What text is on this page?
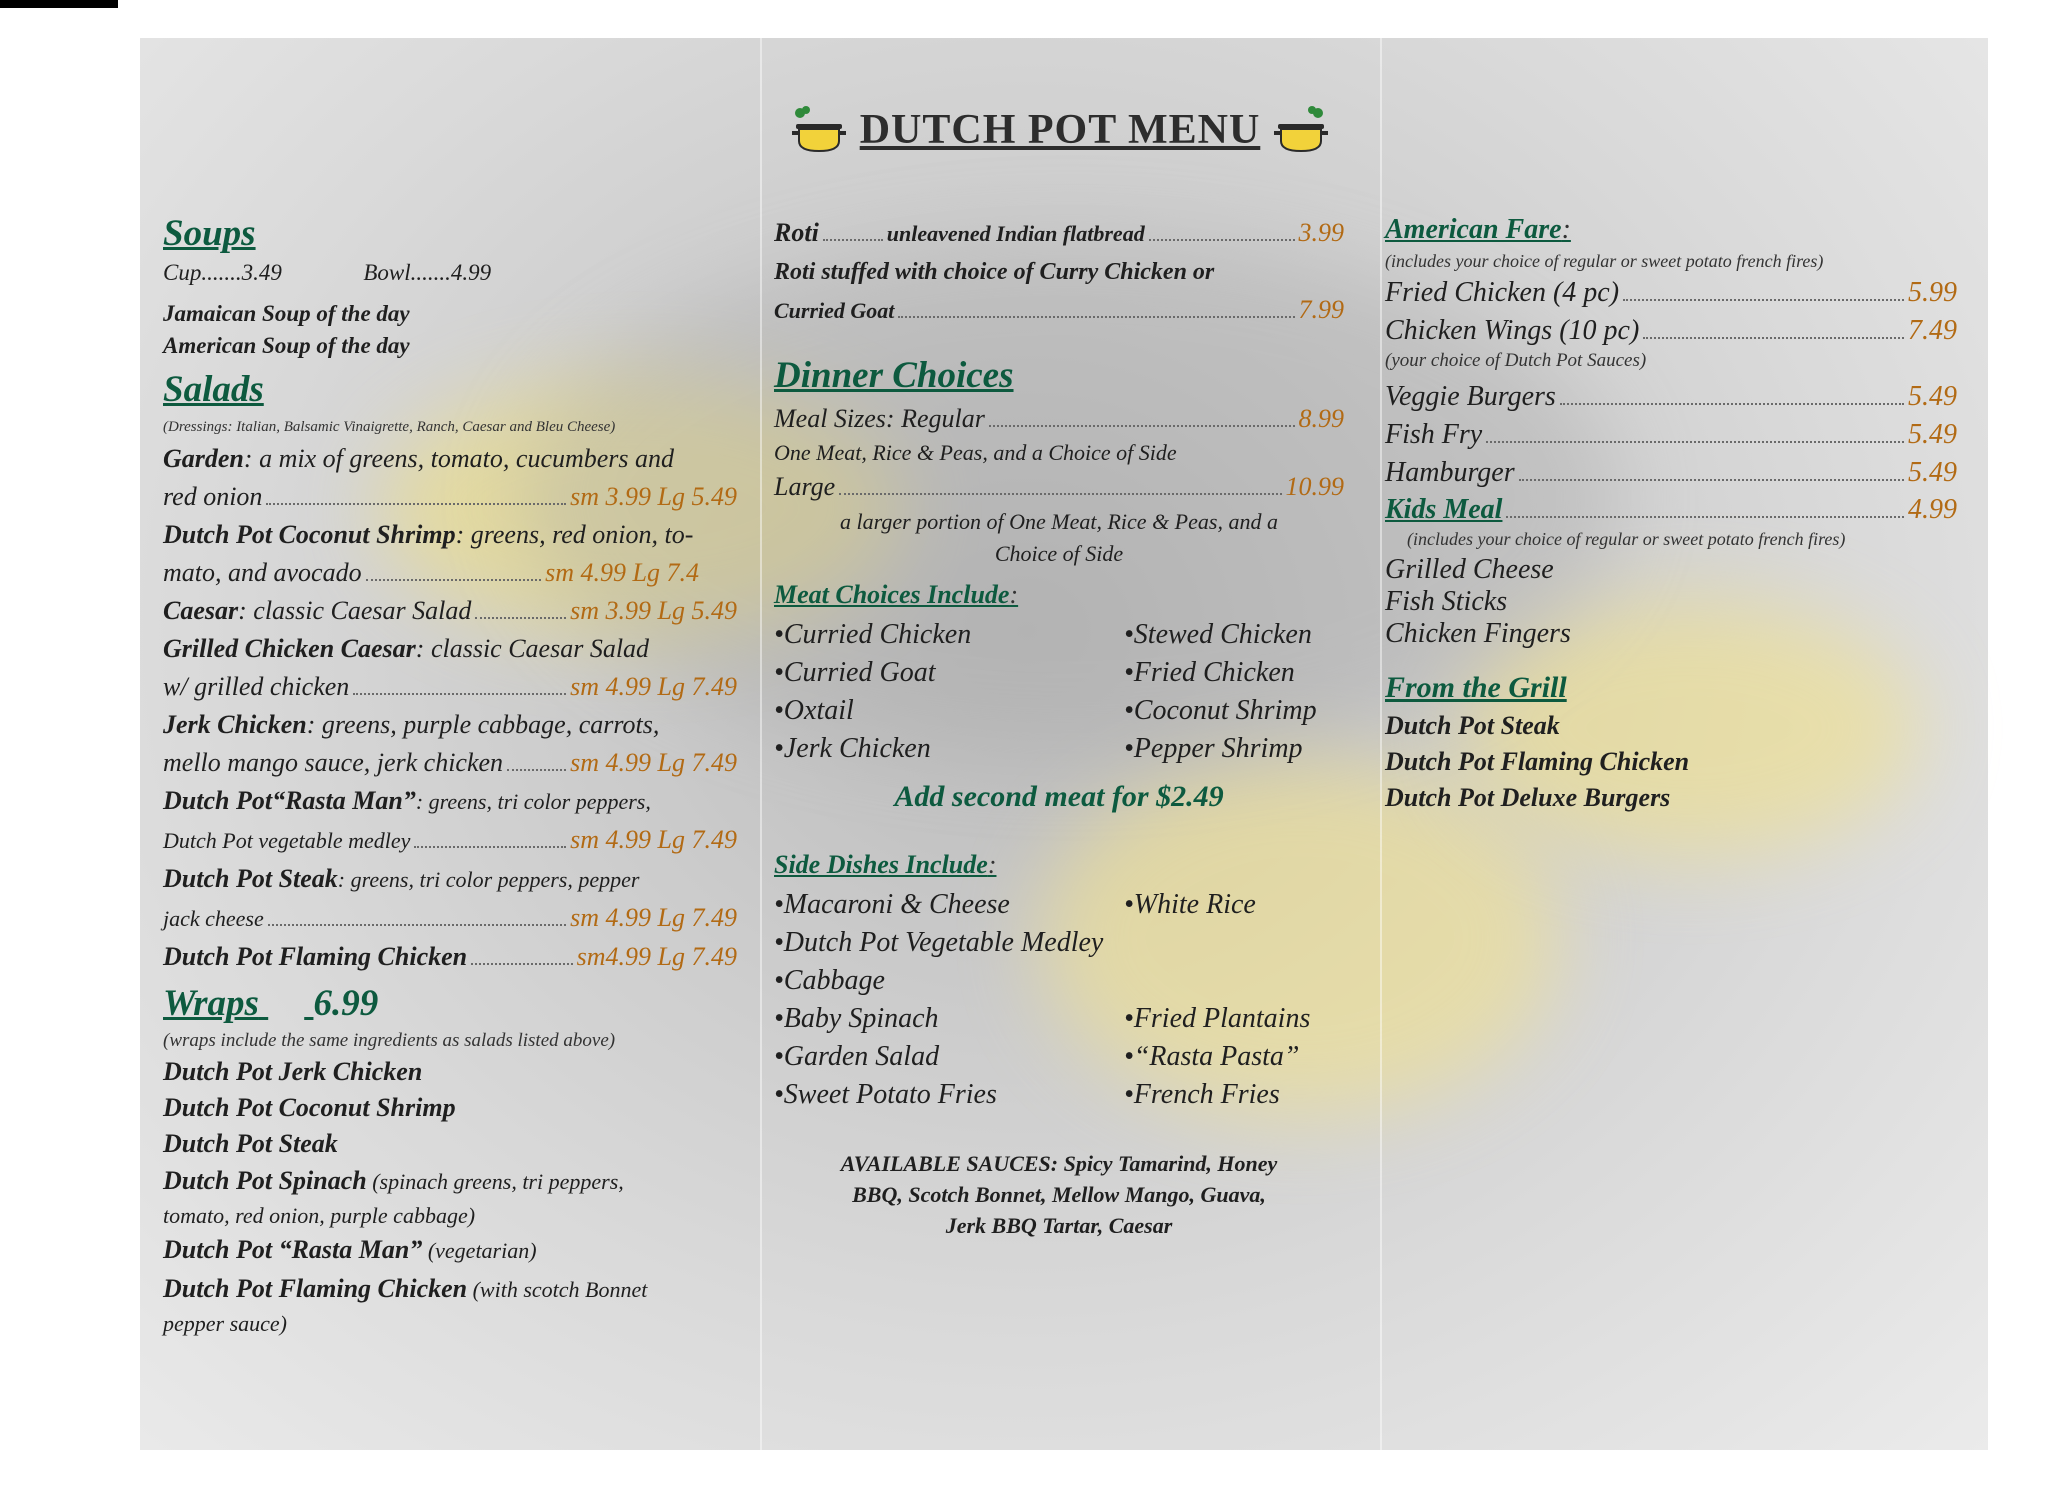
DUTCH POT MENU
Soups
Cup.......3.49	Bowl.......4.99
Jamaican Soup of the day
American Soup of the day
Salads
(Dressings: Italian, Balsamic Vinaigrette, Ranch, Caesar and Bleu Cheese)
Garden: a mix of greens, tomato, cucumbers and
red onion	sm 3.99 Lg 5.49
Dutch Pot Coconut Shrimp: greens, red onion, to-
mato, and avocado	sm 4.99 Lg 7.4
Caesar : classic Caesar Salad	sm 3.99 Lg 5.49
Grilled Chicken Caesar: classic Caesar Salad
w/ grilled chicken	sm 4.99 Lg 7.49
Jerk Chicken: greens, purple cabbage, carrots,
mello mango sauce, jerk chicken	sm 4.99 Lg 7.49
Dutch Pot“Rasta Man”: greens, tri color peppers,
Dutch Pot vegetable medley	sm 4.99 Lg 7.49
Dutch Pot Steak: greens, tri color peppers, pepper
jack cheese	sm 4.99 Lg 7.49
Dutch Pot Flaming Chicken	sm4.99 Lg 7.49
Wraps 6.99
(wraps include the same ingredients as salads listed above)
Dutch Pot Jerk Chicken
Dutch Pot Coconut Shrimp
Dutch Pot Steak
Dutch Pot Spinach (spinach greens, tri peppers,
tomato, red onion, purple cabbage)
Dutch Pot “Rasta Man” (vegetarian)
Dutch Pot Flaming Chicken (with scotch Bonnet
pepper sauce)
Roti	unleavened Indian flatbread	3.99
Roti stuffed with choice of Curry Chicken or
Curried Goat	7.99
Dinner Choices
Meal Sizes: Regular	8.99
One Meat, Rice & Peas, and a Choice of Side
Large	10.99
a larger portion of One Meat, Rice & Peas, and a
Choice of Side
Meat Choices Include:
•Curried Chicken	•Stewed Chicken
•Curried Goat	•Fried Chicken
•Oxtail	•Coconut Shrimp
•Jerk Chicken	•Pepper Shrimp
Add second meat for $2.49
Side Dishes Include:
•Macaroni & Cheese	•White Rice
•Dutch Pot Vegetable Medley
•Cabbage
•Baby Spinach	•Fried Plantains
•Garden Salad	•“Rasta Pasta”
•Sweet Potato Fries	•French Fries
AVAILABLE SAUCES: Spicy Tamarind, Honey
BBQ, Scotch Bonnet, Mellow Mango, Guava,
Jerk BBQ Tartar, Caesar
American Fare:
(includes your choice of regular or sweet potato french fires)
Fried Chicken (4 pc)	5.99
Chicken Wings (10 pc)	7.49
(your choice of Dutch Pot Sauces)
Veggie Burgers	5.49
Fish Fry	5.49
Hamburger	5.49
Kids Meal	4.99
(includes your choice of regular or sweet potato french fires)
Grilled Cheese
Fish Sticks
Chicken Fingers
From the Grill
Dutch Pot Steak
Dutch Pot Flaming Chicken
Dutch Pot Deluxe Burgers
